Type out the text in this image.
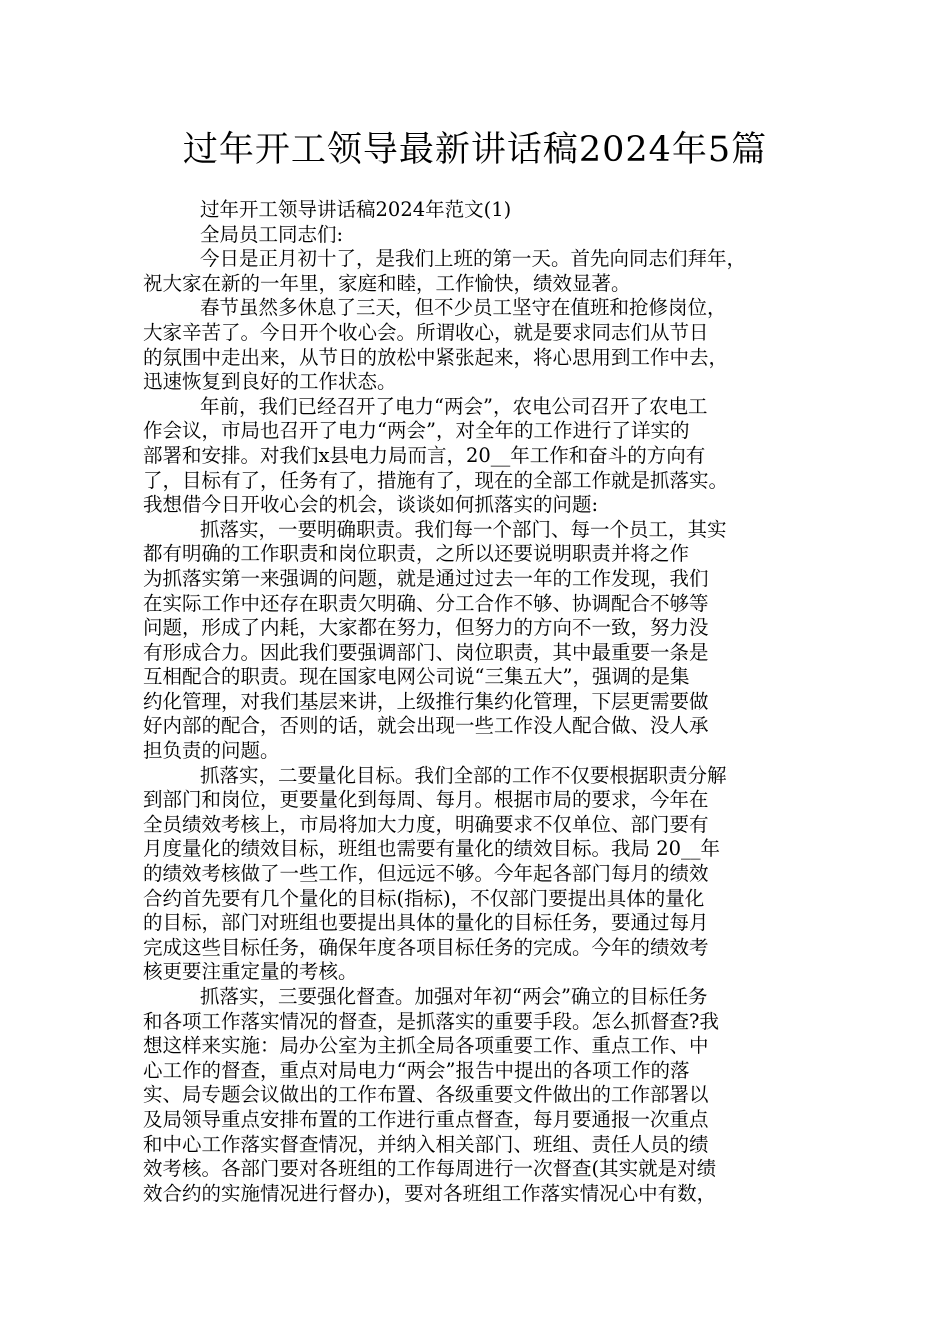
过年开工领导最新讲话稿2024年5篇
过年开工领导讲话稿2024年范文(1)
全局员工同志们:
今日是正月初十了，是我们上班的第一天。首先向同志们拜年，
祝大家在新的一年里，家庭和睦，工作愉快，绩效显著。
春节虽然多休息了三天，但不少员工坚守在值班和抢修岗位，
大家辛苦了。今日开个收心会。所谓收心，就是要求同志们从节日
的氛围中走出来，从节日的放松中紧张起来，将心思用到工作中去，
迅速恢复到良好的工作状态。
年前，我们已经召开了电力“两会”，农电公司召开了农电工
作会议，市局也召开了电力“两会”，对全年的工作进行了详实的
部署和安排。对我们x县电力局而言，20__年工作和奋斗的方向有
了，目标有了，任务有了，措施有了，现在的全部工作就是抓落实。
我想借今日开收心会的机会，谈谈如何抓落实的问题:
抓落实，一要明确职责。我们每一个部门、每一个员工，其实
都有明确的工作职责和岗位职责，之所以还要说明职责并将之作
为抓落实第一来强调的问题，就是通过过去一年的工作发现，我们
在实际工作中还存在职责欠明确、分工合作不够、协调配合不够等
问题，形成了内耗，大家都在努力，但努力的方向不一致，努力没
有形成合力。因此我们要强调部门、岗位职责，其中最重要一条是
互相配合的职责。现在国家电网公司说“三集五大”，强调的是集
约化管理，对我们基层来讲，上级推行集约化管理，下层更需要做
好内部的配合，否则的话，就会出现一些工作没人配合做、没人承
担负责的问题。
抓落实，二要量化目标。我们全部的工作不仅要根据职责分解
到部门和岗位，更要量化到每周、每月。根据市局的要求，今年在
全员绩效考核上，市局将加大力度，明确要求不仅单位、部门要有
月度量化的绩效目标，班组也需要有量化的绩效目标。我局 20__年
的绩效考核做了一些工作，但远远不够。今年起各部门每月的绩效
合约首先要有几个量化的目标(指标)，不仅部门要提出具体的量化
的目标，部门对班组也要提出具体的量化的目标任务，要通过每月
完成这些目标任务，确保年度各项目标任务的完成。今年的绩效考
核更要注重定量的考核。
抓落实，三要强化督查。加强对年初“两会”确立的目标任务
和各项工作落实情况的督查，是抓落实的重要手段。怎么抓督查?我
想这样来实施：局办公室为主抓全局各项重要工作、重点工作、中
心工作的督查，重点对局电力“两会”报告中提出的各项工作的落
实、局专题会议做出的工作布置、各级重要文件做出的工作部署以
及局领导重点安排布置的工作进行重点督查，每月要通报一次重点
和中心工作落实督查情况，并纳入相关部门、班组、责任人员的绩
效考核。各部门要对各班组的工作每周进行一次督查(其实就是对绩
效合约的实施情况进行督办)，要对各班组工作落实情况心中有数，
